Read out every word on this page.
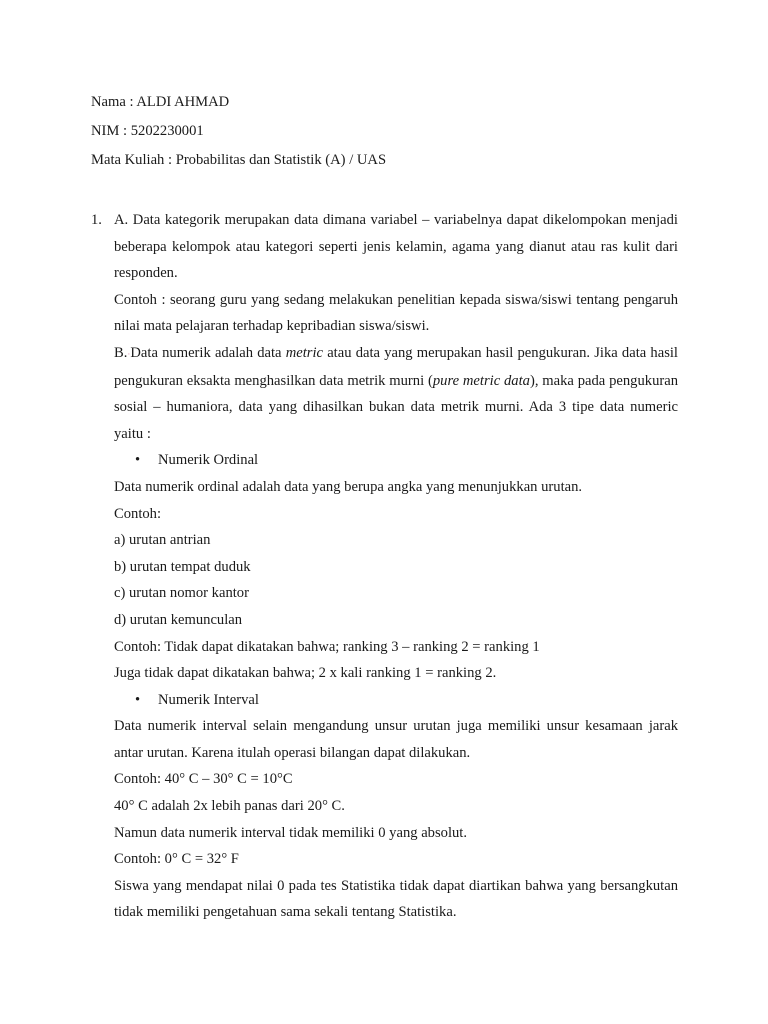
Nama : ALDI AHMAD

NIM : 5202230001

Mata Kuliah : Probabilitas dan Statistik (A) / UAS

1. A. Data kategorik merupakan data dimana variabel – variabelnya dapat dikelompokan menjadi beberapa kelompok atau kategori seperti jenis kelamin, agama yang dianut atau ras kulit dari responden.

Contoh : seorang guru yang sedang melakukan penelitian kepada siswa/siswi tentang pengaruh nilai mata pelajaran terhadap kepribadian siswa/siswi.

B.·Data numerik adalah data metric atau data yang merupakan hasil pengukuran. Jika data hasil pengukuran eksakta menghasilkan data metrik murni (pure metric data), maka pada pengukuran sosial – humaniora, data yang dihasilkan bukan data metrik murni. Ada 3 tipe data numeric yaitu :

• Numerik Ordinal

Data numerik ordinal adalah data yang berupa angka yang menunjukkan urutan.

Contoh:

a) urutan antrian

b) urutan tempat duduk

c) urutan nomor kantor

d) urutan kemunculan

Contoh: Tidak dapat dikatakan bahwa; ranking 3 – ranking 2 = ranking 1

Juga tidak dapat dikatakan bahwa; 2 x kali ranking 1 = ranking 2.

• Numerik Interval

Data numerik interval selain mengandung unsur urutan juga memiliki unsur kesamaan jarak antar urutan. Karena itulah operasi bilangan dapat dilakukan.

Contoh: 40° C – 30° C = 10°C

40° C adalah 2x lebih panas dari 20° C.

Namun data numerik interval tidak memiliki 0 yang absolut.

Contoh: 0° C = 32° F

Siswa yang mendapat nilai 0 pada tes Statistika tidak dapat diartikan bahwa yang bersangkutan tidak memiliki pengetahuan sama sekali tentang Statistika.
